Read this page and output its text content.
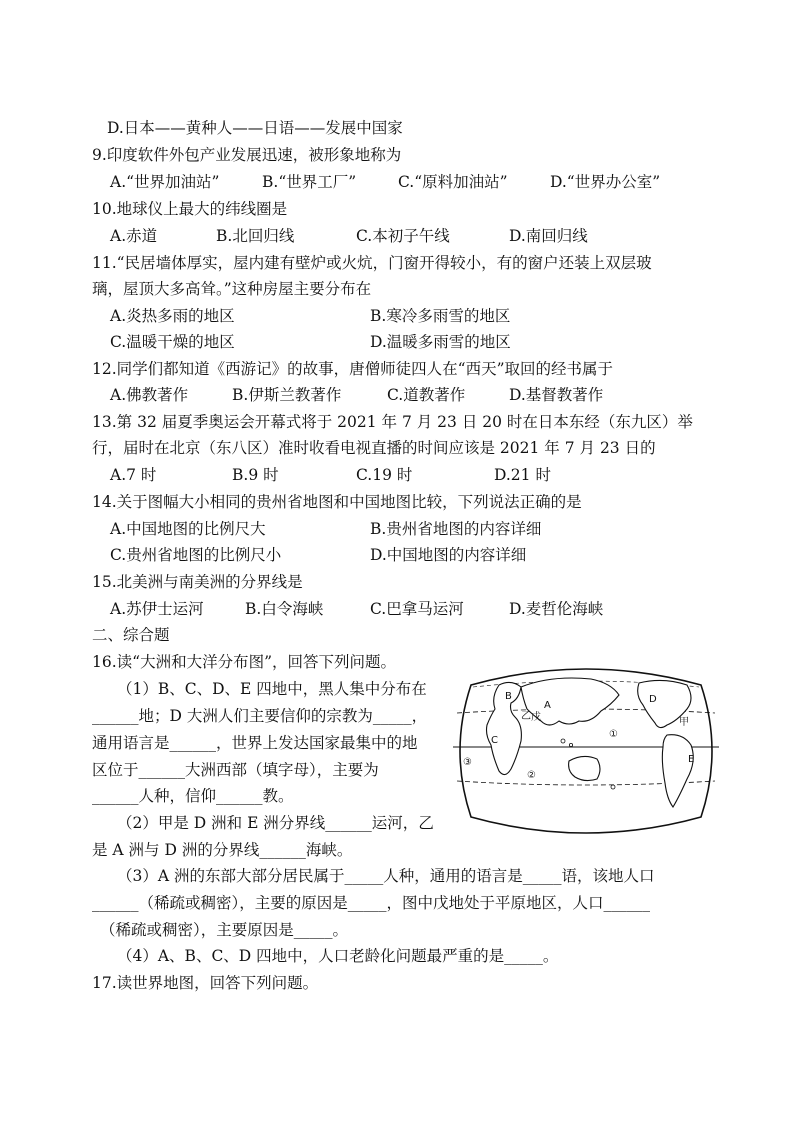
D.日本——黄种人——日语——发展中国家
9.印度软件外包产业发展迅速，被形象地称为
A.“世界加油站”	B.“世界工厂”	C.“原料加油站”	D.“世界办公室”
10.地球仪上最大的纬线圈是
A.赤道	B.北回归线	C.本初子午线	D.南回归线
11.“民居墙体厚实，屋内建有壁炉或火炕，门窗开得较小，有的窗户还装上双层玻
璃，屋顶大多高耸。”这种房屋主要分布在
A.炎热多雨的地区	B.寒冷多雨雪的地区
C.温暖干燥的地区	D.温暖多雨雪的地区
12.同学们都知道《西游记》的故事，唐僧师徒四人在“西天”取回的经书属于
A.佛教著作	B.伊斯兰教著作	C.道教著作	D.基督教著作
13.第 32 届夏季奥运会开幕式将于 2021 年 7 月 23 日 20 时在日本东经（东九区）举
行，届时在北京（东八区）准时收看电视直播的时间应该是 2021 年 7 月 23 日的
A.7 时	B.9 时	C.19 时	D.21 时
14.关于图幅大小相同的贵州省地图和中国地图比较，下列说法正确的是
A.中国地图的比例尺大	B.贵州省地图的内容详细
C.贵州省地图的比例尺小	D.中国地图的内容详细
15.北美洲与南美洲的分界线是
A.苏伊士运河	B.白令海峡	C.巴拿马运河	D.麦哲伦海峡
二、综合题
16.读“大洲和大洋分布图”，回答下列问题。
（1）B、C、D、E 四地中，黑人集中分布在
______地；D 大洲人们主要信仰的宗教为_____，
通用语言是______，世界上发达国家最集中的地
区位于______大洲西部（填字母），主要为
______人种，信仰______教。
（2）甲是 D 洲和 E 洲分界线______运河，乙
是 A 洲与 D 洲的分界线______海峡。
（3）A 洲的东部大部分居民属于_____人种，通用的语言是_____语，该地人口
______（稀疏或稠密），主要的原因是_____，图中戊地处于平原地区，人口______
（稀疏或稠密），主要原因是_____。
（4）A、B、C、D 四地中，人口老龄化问题最严重的是_____。
17.读世界地图，回答下列问题。
B
A
C
D
E
甲
乙 戊
①
②
③
